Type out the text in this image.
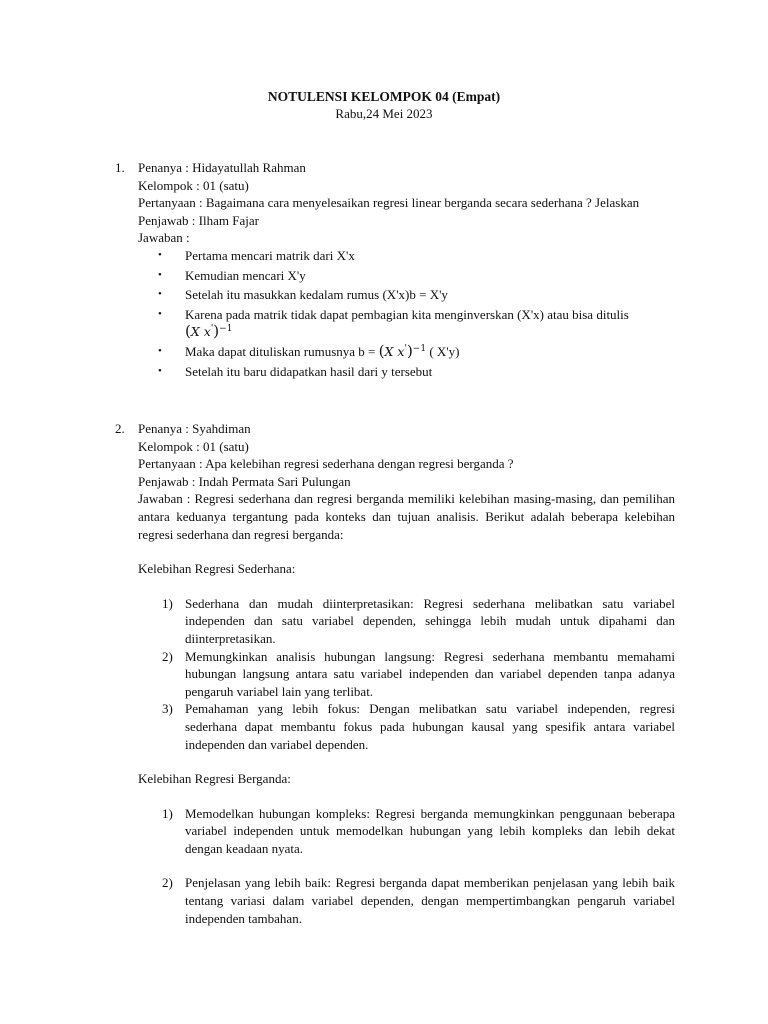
NOTULENSI KELOMPOK 04 (Empat)
Rabu,24 Mei 2023
1.	Penanya : Hidayatullah Rahman

Kelompok : 01 (satu)

Pertanyaan : Bagaimana cara menyelesaikan regresi linear berganda secara sederhana ? Jelaskan

Penjawab : Ilham Fajar

Jawaban :

• Pertama mencari matrik dari X'x
• Kemudian mencari X'y
• Setelah itu masukkan kedalam rumus (X'x)b = X'y
• Karena pada matrik tidak dapat pembagian kita menginverskan (X'x) atau bisa ditulis
(X x')$^{-1}$
• Maka dapat dituliskan rumusnya b = (X x')$^{-1}$ ( X'y)
• Setelah itu baru didapatkan hasil dari y tersebut
2.	Penanya : Syahdiman

Kelompok : 01 (satu)

Pertanyaan : Apa kelebihan regresi sederhana dengan regresi berganda ?

Penjawab : Indah Permata Sari Pulungan

Jawaban : Regresi sederhana dan regresi berganda memiliki kelebihan masing-masing, dan pemilihan antara keduanya tergantung pada konteks dan tujuan analisis. Berikut adalah beberapa kelebihan regresi sederhana dan regresi berganda:

Kelebihan Regresi Sederhana:

1) Sederhana dan mudah diinterpretasikan: Regresi sederhana melibatkan satu variabel independen dan satu variabel dependen, sehingga lebih mudah untuk dipahami dan diinterpretasikan.
2) Memungkinkan analisis hubungan langsung: Regresi sederhana membantu memahami hubungan langsung antara satu variabel independen dan variabel dependen tanpa adanya pengaruh variabel lain yang terlibat.
3) Pemahaman yang lebih fokus: Dengan melibatkan satu variabel independen, regresi sederhana dapat membantu fokus pada hubungan kausal yang spesifik antara variabel independen dan variabel dependen.

Kelebihan Regresi Berganda:

1) Memodelkan hubungan kompleks: Regresi berganda memungkinkan penggunaan beberapa variabel independen untuk memodelkan hubungan yang lebih kompleks dan lebih dekat dengan keadaan nyata.
2) Penjelasan yang lebih baik: Regresi berganda dapat memberikan penjelasan yang lebih baik tentang variasi dalam variabel dependen, dengan mempertimbangkan pengaruh variabel independen tambahan.
